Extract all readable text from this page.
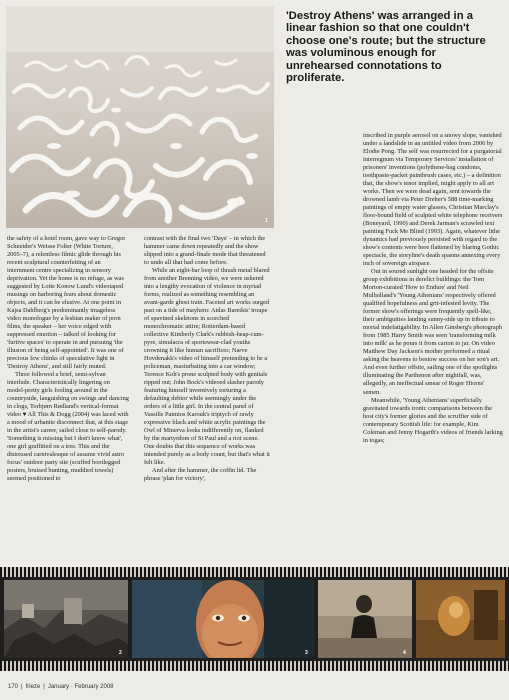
1

'Destroy Athens' was arranged in a linear fashion so that one couldn't choose one's route; but the structure was voluminous enough for unrehearsed connotations to proliferate.

the safety of a hotel room, gave way to Gregor Schneider's Weisse Folter (White Torture, 2005–7), a relentless filmic glide through his recent sculptural counterfeiting of an internment centre specializing in sensory deprivation. Yet the home is no refuge, as was suggested by Lotte Konow Lund's videotaped musings on harboring fears about domestic objects, and it can be elusive. At one point in Kajsa Dahlberg's predominantly imageless video monologue by a lesbian maker of porn films, the speaker – her voice edged with suppressed emotion – talked of looking for 'furtive spaces' to operate in and pursuing 'the illusion of being self-appointed'. It was one of precious few chinks of speculative light in 'Destroy Athens', and still fairly muted.

Three followed a brief, semi-sylvan interlude. Characteristically lingering on model-pretty girls fooling around in the countryside, languishing on swings and dancing in clogs, Torbjørn Rødland's vertical-format video ♥ All This & Dogg (2004) was laced with a mood of urbanite disconnect that, at this stage in the artist's career, sailed close to self-parody. 'Something is missing but I don't know what', one girl graffitied on a tree. This and the distressed carnivalesque of assume vivid astro focus' outdoor party site (scuffed bootlegged posters, bruised bunting, muddied towels) seemed positioned to

contrast with the final two 'Days' – in which the hammer came down repeatedly and the show slipped into a grand-finale mode that threatened to undo all that had come before.

While an eight-bar loop of thrash metal blared from another Brenning video, we were ushered into a lengthy evocation of violence in myriad forms, realized as something resembling an avant-garde ghost train. Faceted art works surged past on a tide of mayhem: Aidas Bareikis' troupe of spavined skeletons in scorched monochromatic attire; Rotterdam-based collective Kimberly Clark's rubbish-heap-cum-pyre, simulacra of sportswear-clad youths crowning it like human sacrifices; Narve Hovdenakk's video of himself pretending to be a policeman, masturbating into a car window; Terence Koh's prone sculpted body with genitals ripped out; John Bock's videoed slasher parody featuring himself inventively torturing a defaulting debtor while seemingly under the orders of a little girl. In the central panel of Vassilis Patmios Karouk's triptych of rawly expressive black and white acrylic paintings the Owl of Minerva looks indifferently on, flanked by the martyrdom of St Paul and a riot scene. One doubts that this sequence of works was intended purely as a body count, but that's what it felt like.

And after the hammer, the coffin lid. The phrase 'plan for victory',

inscribed in purple aerosol on a snowy slope, vanished under a landslide in an untitled video from 2006 by Elodie Pong. The self was resurrected for a purgatorial interregnum via Temporary Services' installation of prisoners' inventions (polythene-bag condoms, toothpaste-packet paintbrush cases, etc.) – a definition that, the show's tenor implied, might apply to all art works. Then we were dead again, sent towards the drowned lamb via Peter Dreher's 588 time-marking paintings of empty water glasses, Christian Marclay's floor-bound field of sculpted white telephone receivers (Boneyard, 1990) and Derek Jarman's scrawled text painting Fuck Me Blind (1993). Again, whatever lithe dynamics had previously persisted with regard to the show's contents were here flattened by blaring Gothic spectacle, the storyline's death spasms annexing every inch of sovereign airspace.

Out in soured sunlight one headed for the offsite group exhibitions in derelict buildings: the Tom Morton-curated 'How to Endure' and Neil Mulholland's 'Young Athenians' respectively offered qualified hopefulness and grit-infested levity. The former show's offerings were frequently spell-like, their ambiguities landing sunny-side up in tribute to mortal indefatigability. In Allen Ginsberg's photograph from 1985 Harry Smith was seen 'transforming milk into milk' as he pours it from carton to jar. On video Matthew Day Jackson's mother performed a ritual asking the heavens to bestow success on her son's art. And even further offsite, sailing one of the spotlights illuminating the Parthenon after nightfall, was, allegedly, an ineffectual smear of Roger Hiorns' semen.

Meanwhile, 'Young Athenians' superficially gravitated towards ironic comparisons between the host city's former glories and the scruffier side of contemporary Scottish life: for example, Kim Coleman and Jenny Hogarth's videos of friends larking in togas;

2	3	4
170 | frieze | January · February 2008
